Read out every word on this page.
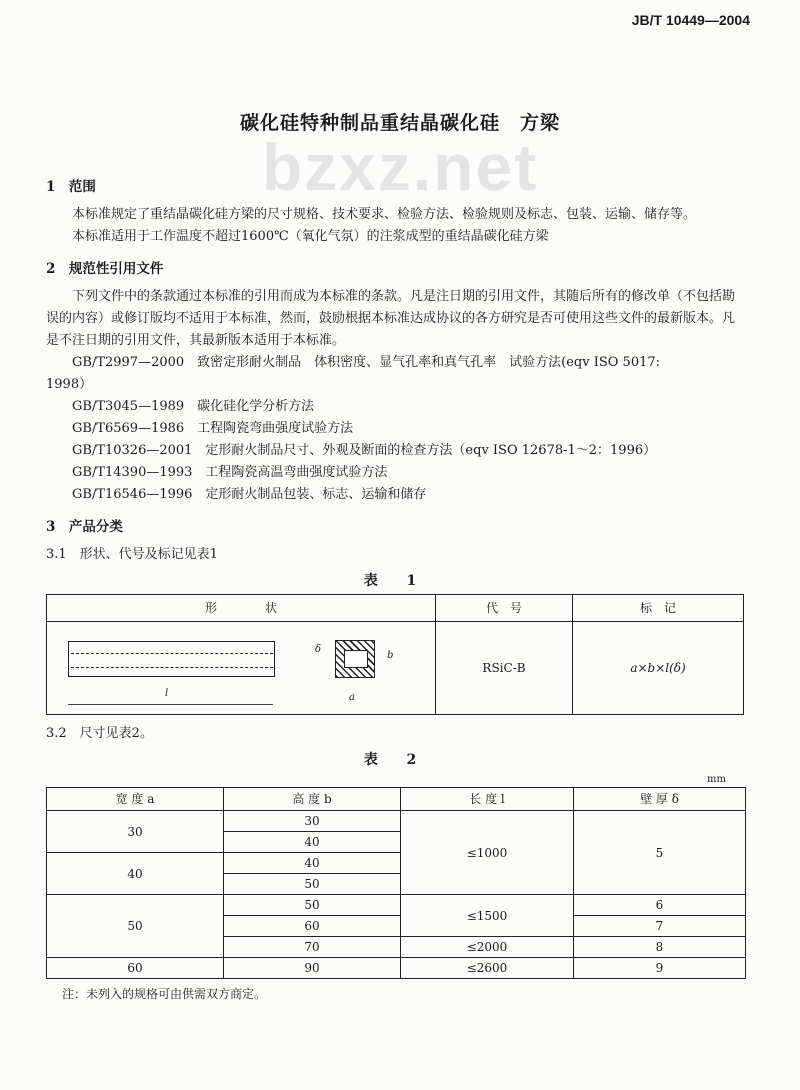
JB/T 10449—2004
bzxz.net
碳化硅特种制品重结晶碳化硅　方梁
1　范围

本标准规定了重结晶碳化硅方梁的尺寸规格、技术要求、检验方法、检验规则及标志、包装、运输、储存等。

本标准适用于工作温度不超过1600℃（氧化气氛）的注浆成型的重结晶碳化硅方梁

2　规范性引用文件

下列文件中的条款通过本标准的引用而成为本标准的条款。凡是注日期的引用文件，其随后所有的修改单（不包括勘误的内容）或修订版均不适用于本标准，然而，鼓励根据本标准达成协议的各方研究是否可使用这些文件的最新版本。凡是不注日期的引用文件，其最新版本适用于本标准。

GB/T2997—2000　致密定形耐火制品　体积密度、显气孔率和真气孔率　试验方法(eqv ISO 5017:

1998）

GB/T3045—1989　碳化硅化学分析方法

GB/T6569—1986　工程陶瓷弯曲强度试验方法

GB/T10326—2001　定形耐火制品尺寸、外观及断面的检查方法（eqv ISO 12678-1～2：1996）

GB/T14390—1993　工程陶瓷高温弯曲强度试验方法

GB/T16546—1996　定形耐火制品包装、标志、运输和储存

3　产品分类

3.1　形状、代号及标记见表1

表 1
形　　　　状	代　号	标　记

l
δ
b
a	RSiC-B	a×b×l(δ)

3.2　尺寸见表2。

表 2
mm
宽 度 a	高 度 b	长 度 l	壁 厚 δ
30	30	≤1000	5
	40		
40	40		
	50		
50	50	≤1500	6
	60		7
	70	≤2000	8
60	90	≤2600	9

注：未列入的规格可由供需双方商定。
